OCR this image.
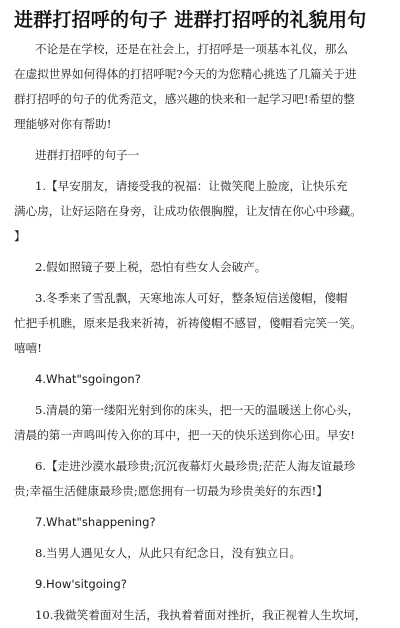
进群打招呼的句子 进群打招呼的礼貌用句

不论是在学校，还是在社会上，打招呼是一项基本礼仪，那么

在虚拟世界如何得体的打招呼呢?今天的为您精心挑选了几篇关于进

群打招呼的句子的优秀范文，感兴趣的快来和一起学习吧!希望的整

理能够对你有帮助!

进群打招呼的句子一

1.【早安朋友，请接受我的祝福：让微笑爬上脸庞，让快乐充

满心房，让好运陪在身旁，让成功依偎胸膛，让友情在你心中珍藏。

】

2.假如照镜子要上税，恐怕有些女人会破产。

3.冬季来了雪乱飘，天寒地冻人可好，整条短信送傻帽，傻帽

忙把手机瞧，原来是我来祈祷，祈祷傻帽不感冒，傻帽看完笑一笑。

嘻嘻!

4.What"sgoingon?

5.清晨的第一缕阳光射到你的床头，把一天的温暖送上你心头，

清晨的第一声鸣叫传入你的耳中，把一天的快乐送到你心田。早安!

6.【走进沙漠水最珍贵;沉沉夜幕灯火最珍贵;茫茫人海友谊最珍

贵;幸福生活健康最珍贵;愿您拥有一切最为珍贵美好的东西!】

7.What"shappening?

8.当男人遇见女人，从此只有纪念日，没有独立日。

9.How'sitgoing?

10.我微笑着面对生活，我执着着面对挫折，我正视着人生坎坷，
